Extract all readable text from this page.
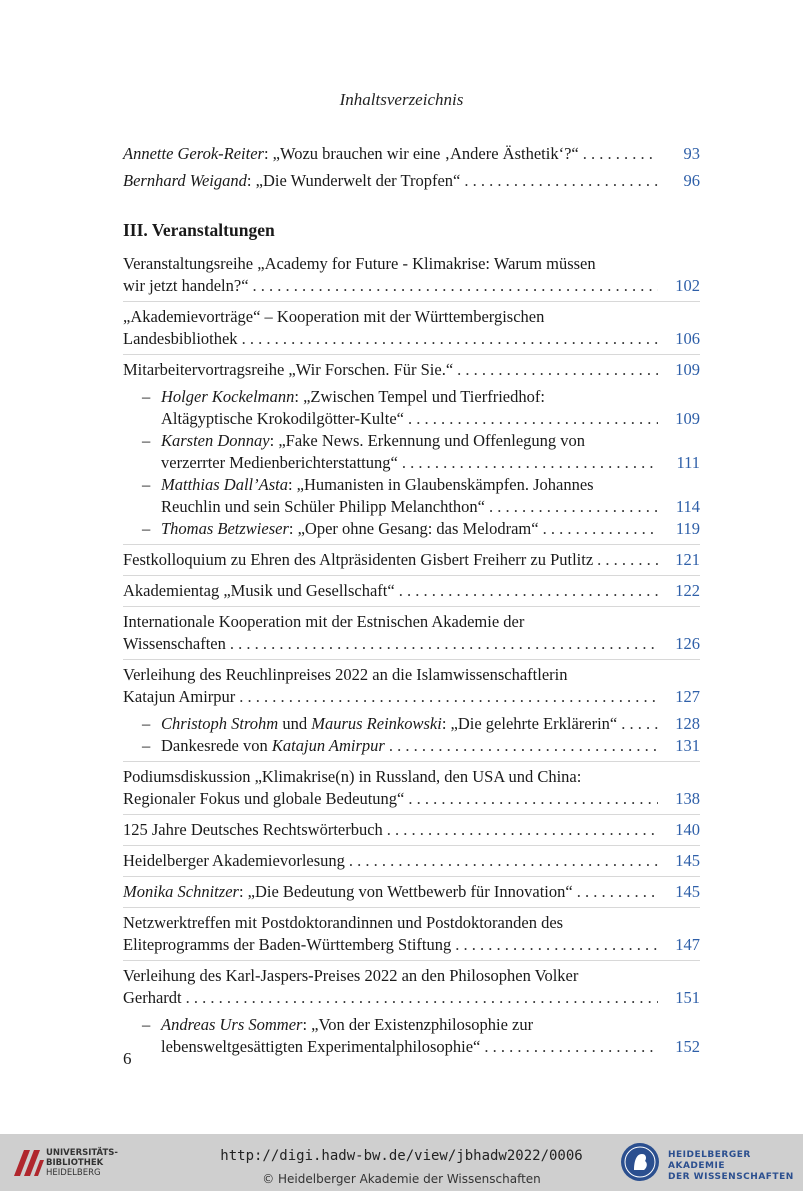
Inhaltsverzeichnis
Annette Gerok-Reiter: „Wozu brauchen wir eine ‚Andere Ästhetik‘?“ . . .	93
Bernhard Weigand: „Die Wunderwelt der Tropfen“ . . .	96
III. Veranstaltungen
Veranstaltungsreihe „Academy for Future - Klimakrise: Warum müssen
wir jetzt handeln?“ . . .	102
„Akademievorträge“ – Kooperation mit der Württembergischen
Landesbibliothek . . .	106
Mitarbeitervortragsreihe „Wir Forschen. Für Sie.“ . . .	109
– Holger Kockelmann: „Zwischen Tempel und Tierfriedhof:
Altägyptische Krokodilgötter-Kulte“ . . .	109
– Karsten Donnay: „Fake News. Erkennung und Offenlegung von
verzerrter Medienberichterstattung“ . . .	111
– Matthias Dall’Asta: „Humanisten in Glaubenskämpfen. Johannes
Reuchlin und sein Schüler Philipp Melanchthon“ . . .	114
– Thomas Betzwieser: „Oper ohne Gesang: das Melodram“ . . .	119
Festkolloquium zu Ehren des Altpräsidenten Gisbert Freiherr zu Putlitz . . .	121
Akademientag „Musik und Gesellschaft“ . . .	122
Internationale Kooperation mit der Estnischen Akademie der
Wissenschaften . . .	126
Verleihung des Reuchlinpreises 2022 an die Islamwissenschaftlerin
Katajun Amirpur . . .	127
– Christoph Strohm und Maurus Reinkowski: „Die gelehrte Erklärerin“ . . .	128
– Dankesrede von Katajun Amirpur . . .	131
Podiumsdiskussion „Klimakrise(n) in Russland, den USA und China:
Regionaler Fokus und globale Bedeutung“ . . .	138
125 Jahre Deutsches Rechtswörterbuch . . .	140
Heidelberger Akademievorlesung . . .	145
Monika Schnitzer: „Die Bedeutung von Wettbewerb für Innovation“ . . .	145
Netzwerktreffen mit Postdoktorandinnen und Postdoktoranden des
Eliteprogramms der Baden-Württemberg Stiftung . . .	147
Verleihung des Karl-Jaspers-Preises 2022 an den Philosophen Volker
Gerhardt . . .	151
– Andreas Urs Sommer: „Von der Existenzphilosophie zur
lebensweltgesättigten Experimentalphilosophie“ . . .	152
6
UNIVERSITÄTS-
BIBLIOTHEK
HEIDELBERG
http://digi.hadw-bw.de/view/jbhadw2022/0006
© Heidelberger Akademie der Wissenschaften
HEIDELBERGER AKADEMIE
DER WISSENSCHAFTEN
